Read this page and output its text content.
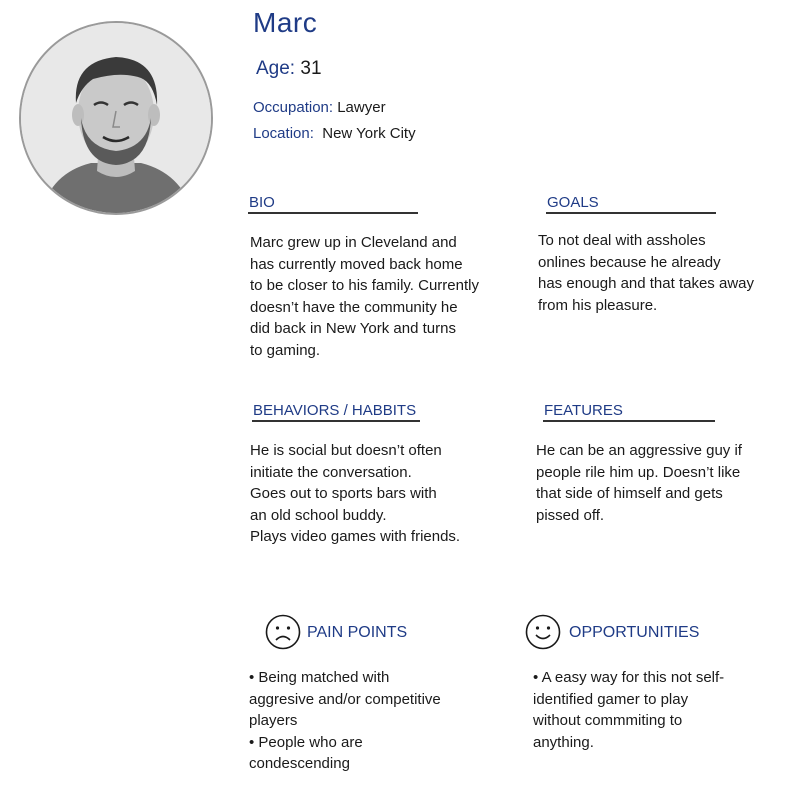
Marc
Age: 31
Occupation: Lawyer
Location: New York City
BIO
Marc grew up in Cleveland and
has currently moved back home
to be closer to his family. Currently
doesn’t have the community he
did back in New York and turns
to gaming.
GOALS
To not deal with assholes
onlines because he already
has enough and that takes away
from his pleasure.
BEHAVIORS / HABBITS
He is social but doesn’t often
initiate the conversation.
Goes out to sports bars with
an old school buddy.
Plays video games with friends.
FEATURES
He can be an aggressive guy if
people rile him up. Doesn’t like
that side of himself and gets
pissed off.
PAIN POINTS
• Being matched with
aggresive and/or competitive
players
• People who are
condescending
OPPORTUNITIES
• A easy way for this not self-
identified gamer to play
without commmiting to
anything.
